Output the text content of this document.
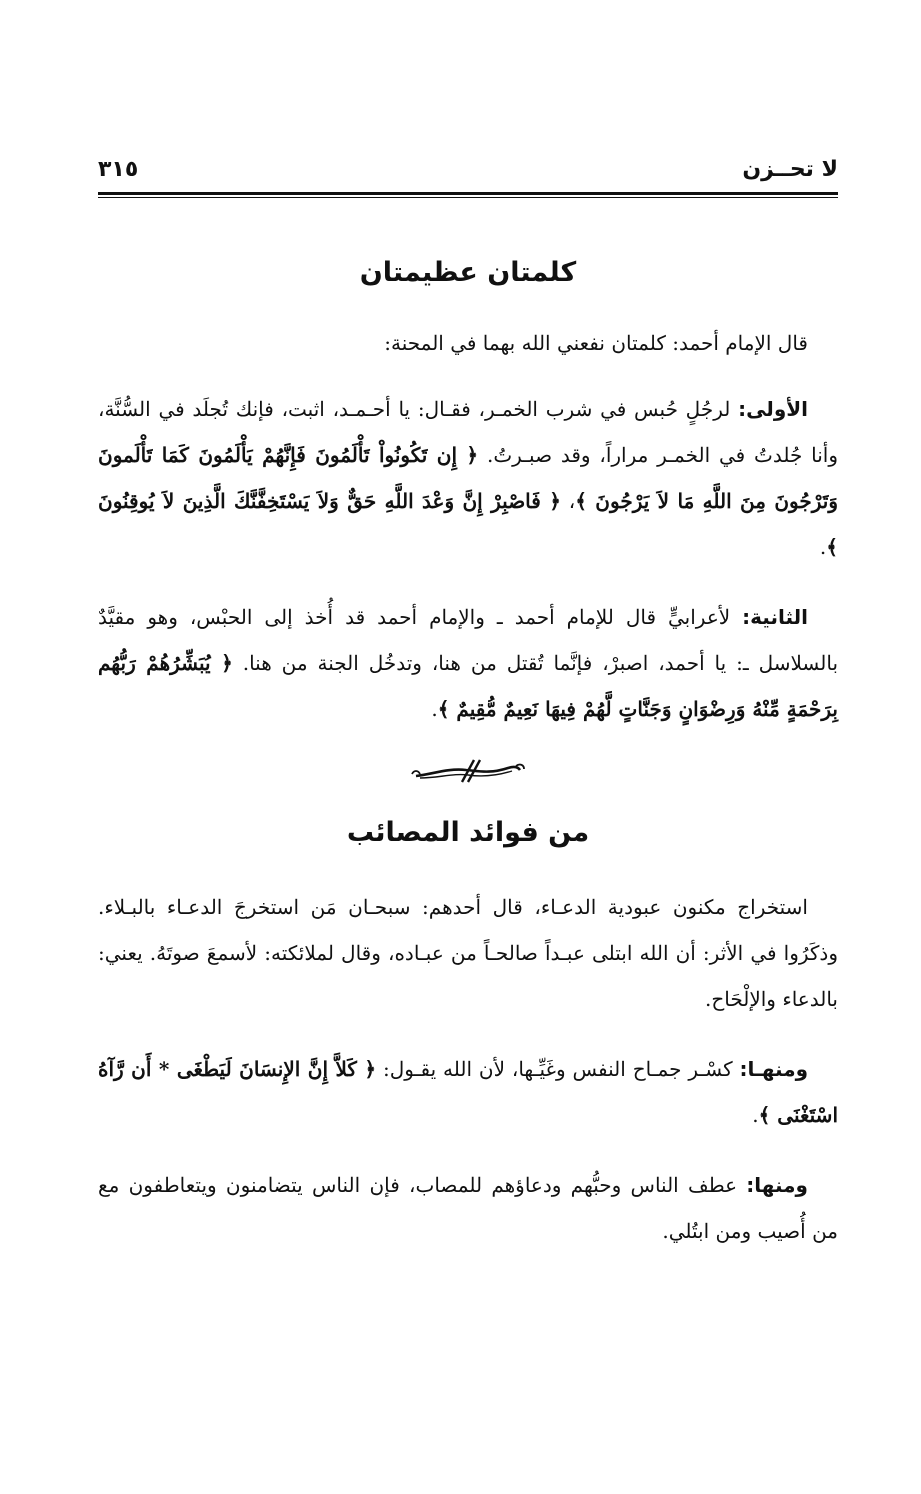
لا تحــزن
٣١٥
كلمتان عظيمتان

قال الإمام أحمد: كلمتان نفعني الله بهما في المحنة:

الأولى: لرجُلٍ حُبس في شرب الخمـر، فقـال: يا أحـمـد، اثبت، فإنك تُجلَد في السُّنَّة، وأنا جُلدتُ في الخمـر مراراً، وقد صبـرتُ. ﴿ إِن تَكُونُواْ تَأْلَمُونَ فَإِنَّهُمْ يَأْلَمُونَ كَمَا تَأْلَمونَ وَتَرْجُونَ مِنَ اللَّهِ مَا لاَ يَرْجُونَ ﴾، ﴿ فَاصْبِرْ إِنَّ وَعْدَ اللَّهِ حَقٌّ وَلاَ يَسْتَخِفَّنَّكَ الَّذِينَ لاَ يُوقِنُونَ ﴾.

الثانية: لأعرابيٍّ قال للإمام أحمد ـ والإمام أحمد قد أُخذ إلى الحبْس، وهو مقيَّدٌ بالسلاسل ـ: يا أحمد، اصبرْ، فإنَّما تُقتل من هنا، وتدخُل الجنة من هنا. ﴿ يُبَشِّرُهُمْ رَبُّهُم بِرَحْمَةٍ مِّنْهُ وَرِضْوَانٍ وَجَنَّاتٍ لَّهُمْ فِيهَا نَعِيمٌ مُّقِيمٌ ﴾.

من فوائد المصائب

استخراج مكنون عبودية الدعـاء، قال أحدهم: سبحـان مَن استخرجَ الدعـاء بالبـلاء. وذكَرُوا في الأثر: أن الله ابتلى عبـداً صالحـاً من عبـاده، وقال لملائكته: لأسمعَ صوتَهُ. يعني: بالدعاء والإلْحَاح.

ومنهـا: كسْـر جمـاح النفس وغَيِّـها، لأن الله يقـول: ﴿ كَلاَّ إِنَّ الإِنسَانَ لَيَطْغَى * أَن رَّآهُ اسْتَغْنَى ﴾.

ومنها: عطف الناس وحبُّهم ودعاؤهم للمصاب، فإن الناس يتضامنون ويتعاطفون مع من أُصيب ومن ابتُلي.
